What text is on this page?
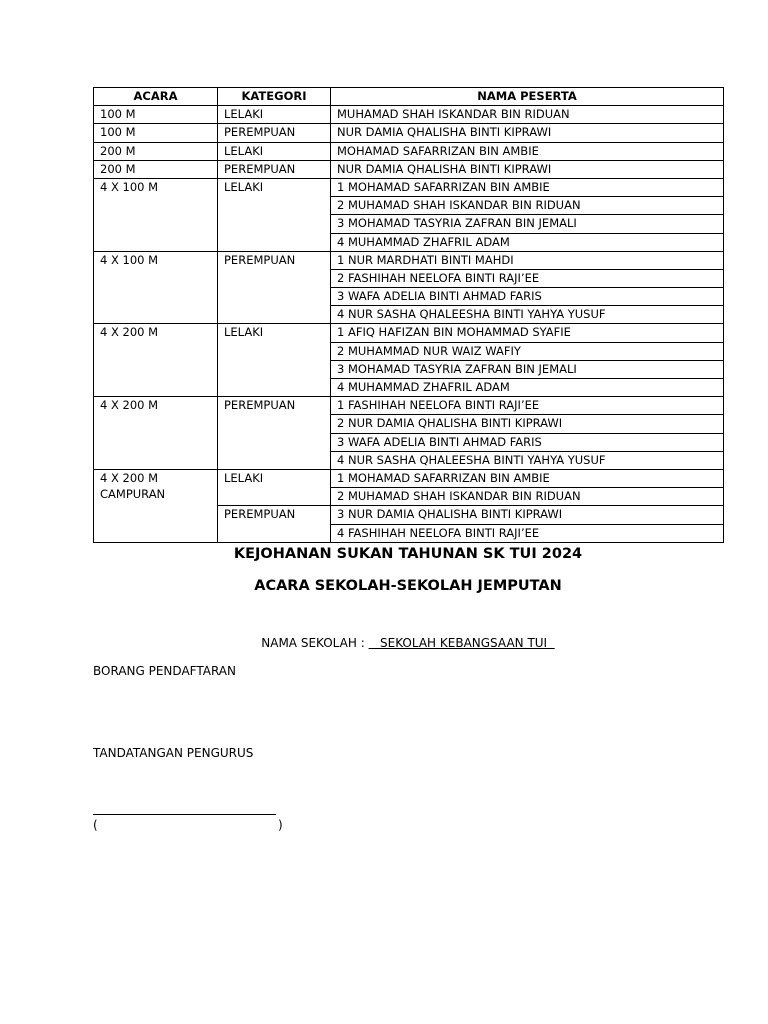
ACARA	KATEGORI	NAMA PESERTA
100 M	LELAKI	MUHAMAD SHAH ISKANDAR BIN RIDUAN
100 M	PEREMPUAN	NUR DAMIA QHALISHA BINTI KIPRAWI
200 M	LELAKI	MOHAMAD SAFARRIZAN BIN AMBIE
200 M	PEREMPUAN	NUR DAMIA QHALISHA BINTI KIPRAWI
4 X 100 M	LELAKI	1 MOHAMAD SAFARRIZAN BIN AMBIE
		2 MUHAMAD SHAH ISKANDAR BIN RIDUAN
		3 MOHAMAD TASYRIA ZAFRAN BIN JEMALI
		4 MUHAMMAD ZHAFRIL ADAM
4 X 100 M	PEREMPUAN	1 NUR MARDHATI BINTI MAHDI
		2 FASHIHAH NEELOFA BINTI RAJI’EE
		3 WAFA ADELIA BINTI AHMAD FARIS
		4 NUR SASHA QHALEESHA BINTI YAHYA YUSUF
4 X 200 M	LELAKI	1 AFIQ HAFIZAN BIN MOHAMMAD SYAFIE
		2 MUHAMMAD NUR WAIZ WAFIY
		3 MOHAMAD TASYRIA ZAFRAN BIN JEMALI
		4 MUHAMMAD ZHAFRIL ADAM
4 X 200 M	PEREMPUAN	1 FASHIHAH NEELOFA BINTI RAJI’EE
		2 NUR DAMIA QHALISHA BINTI KIPRAWI
		3 WAFA ADELIA BINTI AHMAD FARIS
		4 NUR SASHA QHALEESHA BINTI YAHYA YUSUF

4 X 200 M
CAMPURAN	LELAKI	1 MOHAMAD SAFARRIZAN BIN AMBIE
		2 MUHAMAD SHAH ISKANDAR BIN RIDUAN
	PEREMPUAN	3 NUR DAMIA QHALISHA BINTI KIPRAWI
		4 FASHIHAH NEELOFA BINTI RAJI’EE
KEJOHANAN SUKAN TAHUNAN SK TUI 2024
ACARA SEKOLAH-SEKOLAH JEMPUTAN
NAMA SEKOLAH :    SEKOLAH KEBANGSAAN TUI
BORANG PENDAFTARAN
TANDATANGAN PENGURUS
(	)
